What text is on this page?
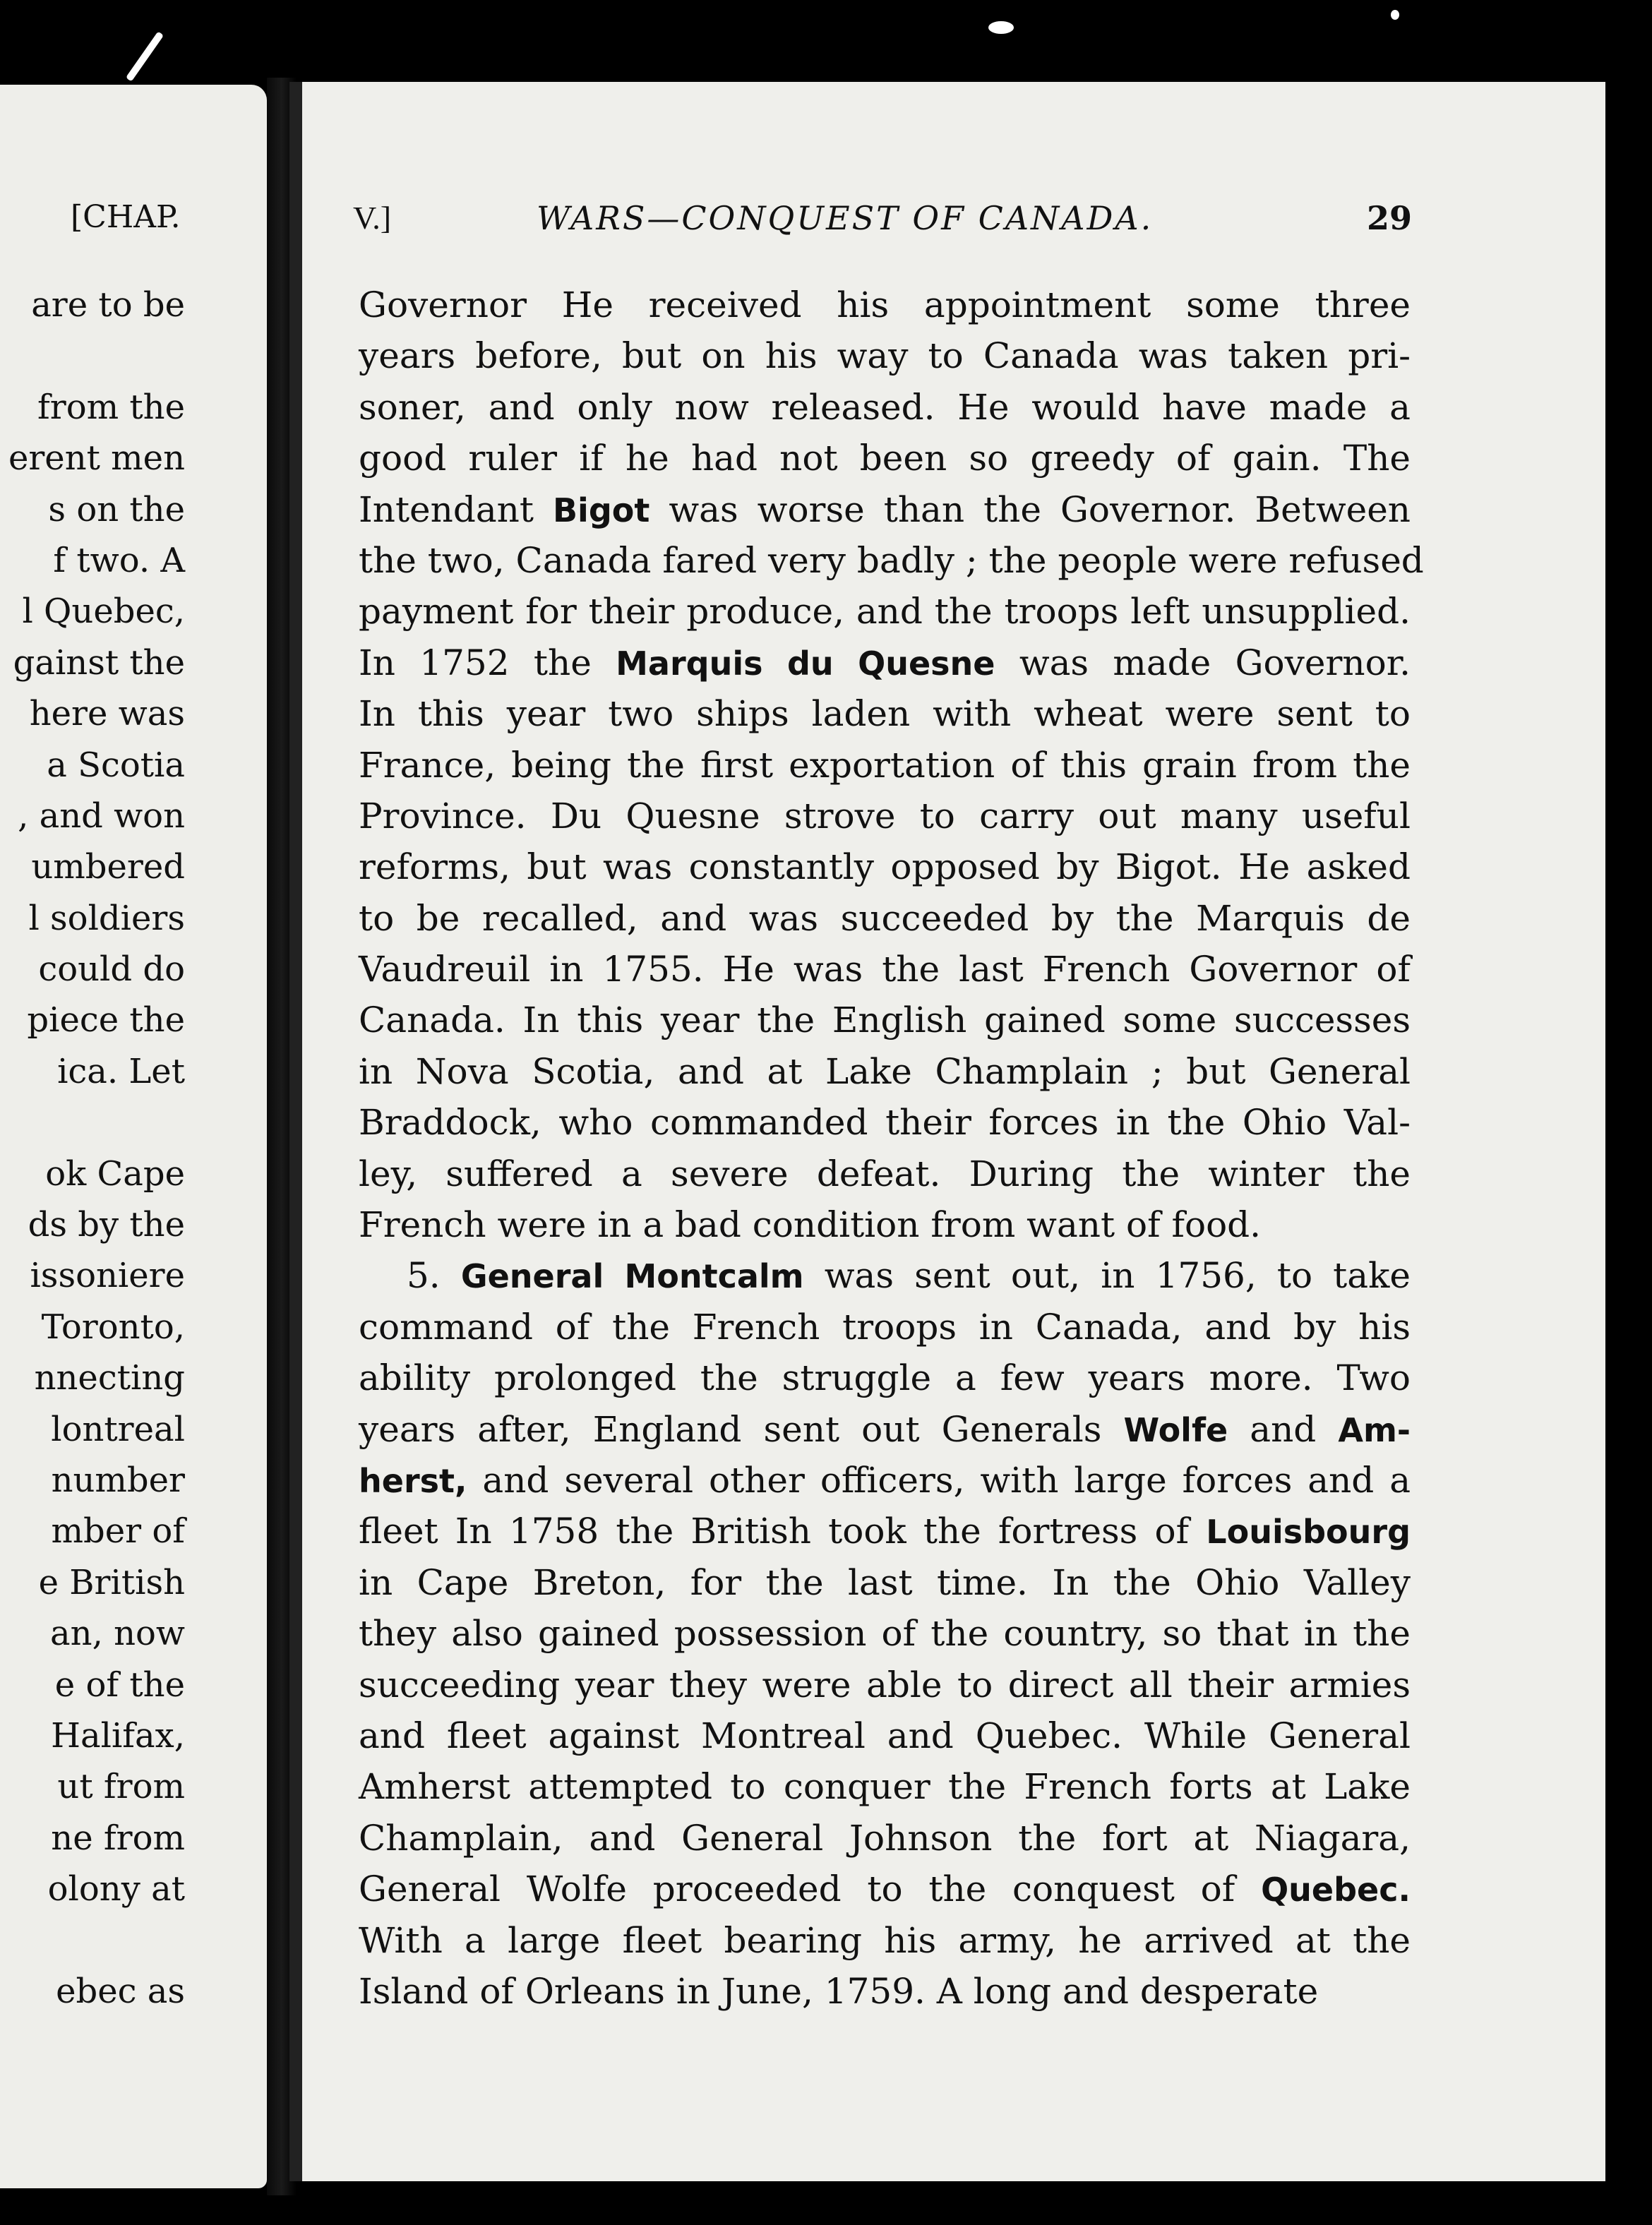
[CHAP.
are to be

from the
erent men
s on the
f two. A
l Quebec,
gainst the
here was
a Scotia
, and won
umbered
l soldiers
could do
piece the
ica. Let

ok Cape
ds by the
issoniere
Toronto,
nnecting
lontreal
number
mber of
e British
an, now
e of the
Halifax,
ut from
ne from
olony at

ebec as
V.]	WARS—CONQUEST OF CANADA.	29
Governor He received his appointment some three
years before, but on his way to Canada was taken pri-
soner, and only now released. He would have made a
good ruler if he had not been so greedy of gain. The
Intendant Bigot was worse than the Governor. Between
the two, Canada fared very badly ; the people were refused
payment for their produce, and the troops left unsupplied.
In 1752 the Marquis du Quesne was made Governor.
In this year two ships laden with wheat were sent to
France, being the first exportation of this grain from the
Province. Du Quesne strove to carry out many useful
reforms, but was constantly opposed by Bigot. He asked
to be recalled, and was succeeded by the Marquis de
Vaudreuil in 1755. He was the last French Governor of
Canada. In this year the English gained some successes
in Nova Scotia, and at Lake Champlain ; but General
Braddock, who commanded their forces in the Ohio Val-
ley, suffered a severe defeat. During the winter the
French were in a bad condition from want of food.
5. General Montcalm was sent out, in 1756, to take
command of the French troops in Canada, and by his
ability prolonged the struggle a few years more. Two
years after, England sent out Generals Wolfe and Am-
herst, and several other officers, with large forces and a
fleet In 1758 the British took the fortress of Louisbourg
in Cape Breton, for the last time. In the Ohio Valley
they also gained possession of the country, so that in the
succeeding year they were able to direct all their armies
and fleet against Montreal and Quebec. While General
Amherst attempted to conquer the French forts at Lake
Champlain, and General Johnson the fort at Niagara,
General Wolfe proceeded to the conquest of Quebec.
With a large fleet bearing his army, he arrived at the
Island of Orleans in June, 1759. A long and desperate
